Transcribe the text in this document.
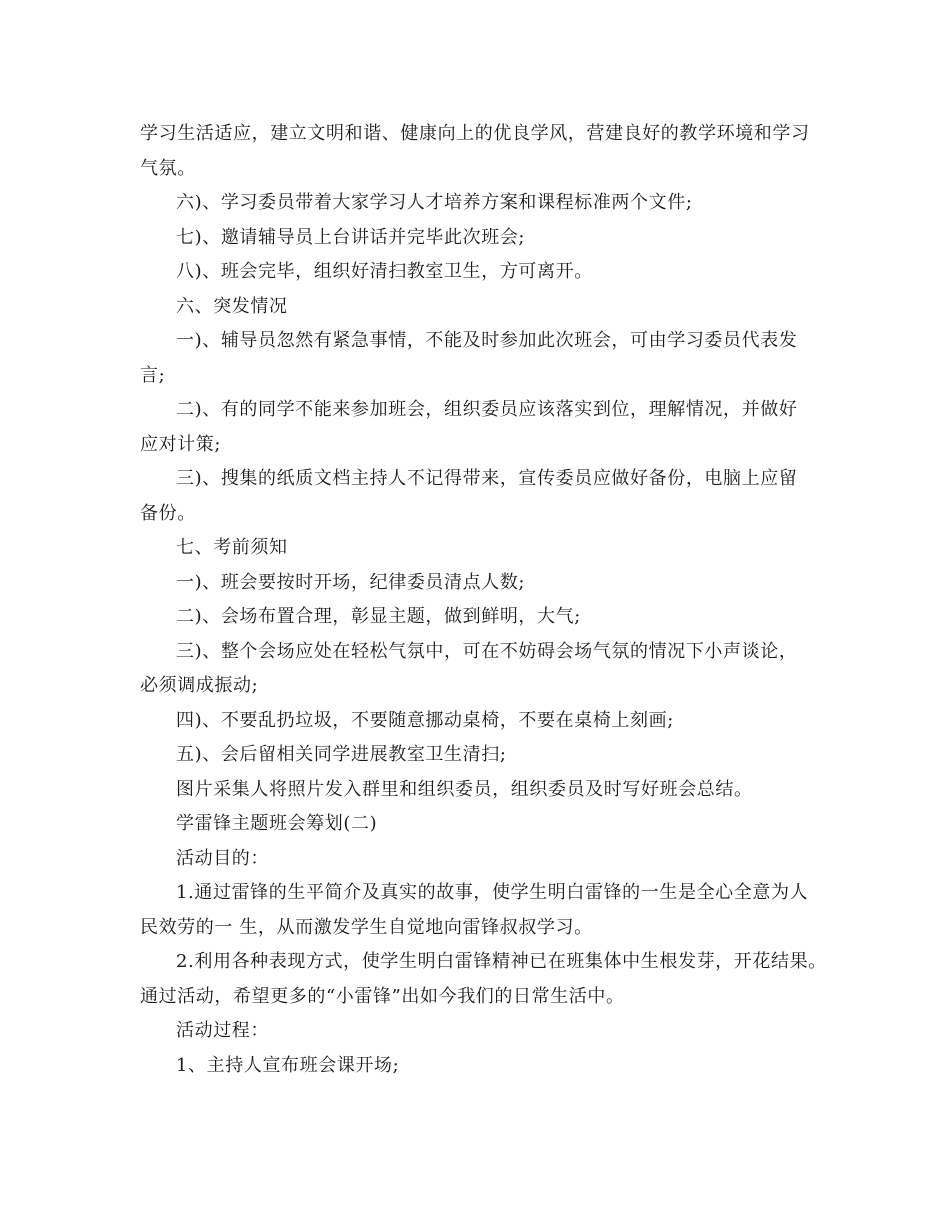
学习生活适应，建立文明和谐、健康向上的优良学风，营建良好的教学环境和学习
气氛。
六)、学习委员带着大家学习人才培养方案和课程标准两个文件;
七)、邀请辅导员上台讲话并完毕此次班会;
八)、班会完毕，组织好清扫教室卫生，方可离开。
六、突发情况
一)、辅导员忽然有紧急事情，不能及时参加此次班会，可由学习委员代表发
言;
二)、有的同学不能来参加班会，组织委员应该落实到位，理解情况，并做好
应对计策;
三)、搜集的纸质文档主持人不记得带来，宣传委员应做好备份，电脑上应留
备份。
七、考前须知
一)、班会要按时开场，纪律委员清点人数;
二)、会场布置合理，彰显主题，做到鲜明，大气;
三)、整个会场应处在轻松气氛中，可在不妨碍会场气氛的情况下小声谈论，
必须调成振动;
四)、不要乱扔垃圾，不要随意挪动桌椅，不要在桌椅上刻画;
五)、会后留相关同学进展教室卫生清扫;
图片采集人将照片发入群里和组织委员，组织委员及时写好班会总结。
学雷锋主题班会筹划(二)
活动目的：
1.通过雷锋的生平简介及真实的故事，使学生明白雷锋的一生是全心全意为人
民效劳的一 生，从而激发学生自觉地向雷锋叔叔学习。
2.利用各种表现方式，使学生明白雷锋精神已在班集体中生根发芽，开花结果。
通过活动，希望更多的“小雷锋”出如今我们的日常生活中。
活动过程：
1、主持人宣布班会课开场;
